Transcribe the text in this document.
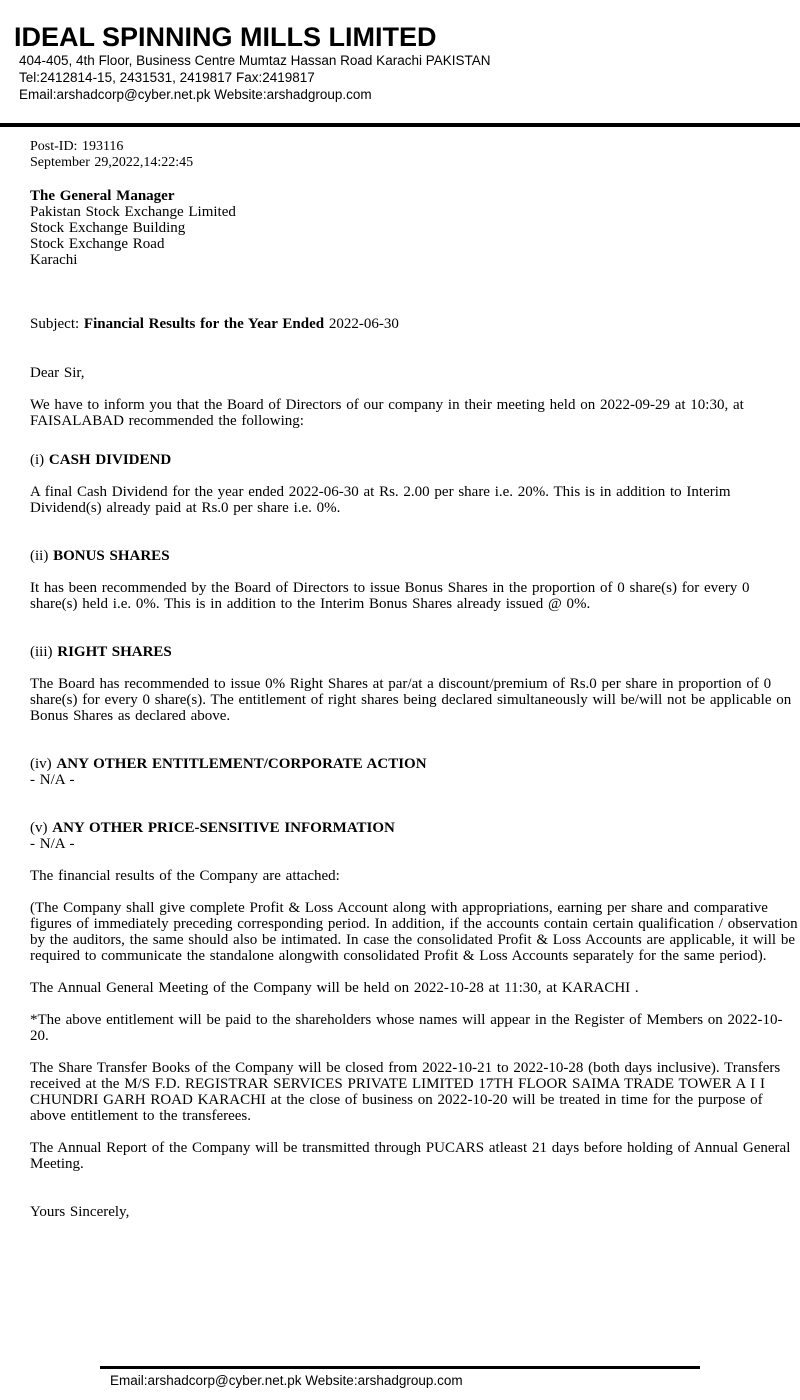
IDEAL SPINNING MILLS LIMITED
404-405, 4th Floor, Business Centre Mumtaz Hassan Road Karachi PAKISTAN
Tel:2412814-15, 2431531, 2419817 Fax:2419817
Email:arshadcorp@cyber.net.pk Website:arshadgroup.com
Post-ID: 193116
September 29,2022,14:22:45
The General Manager
Pakistan Stock Exchange Limited
Stock Exchange Building
Stock Exchange Road
Karachi
Subject: Financial Results for the Year Ended 2022-06-30

Dear Sir,

We have to inform you that the Board of Directors of our company in their meeting held on 2022-09-29 at 10:30, at FAISALABAD recommended the following:

(i) CASH DIVIDEND

A final Cash Dividend for the year ended 2022-06-30 at Rs. 2.00 per share i.e. 20%. This is in addition to Interim Dividend(s) already paid at Rs.0 per share i.e. 0%.

(ii) BONUS SHARES

It has been recommended by the Board of Directors to issue Bonus Shares in the proportion of 0 share(s) for every 0 share(s) held i.e. 0%. This is in addition to the Interim Bonus Shares already issued @ 0%.

(iii) RIGHT SHARES

The Board has recommended to issue 0% Right Shares at par/at a discount/premium of Rs.0 per share in proportion of 0 share(s) for every 0 share(s). The entitlement of right shares being declared simultaneously will be/will not be applicable on Bonus Shares as declared above.

(iv) ANY OTHER ENTITLEMENT/CORPORATE ACTION

- N/A -

(v) ANY OTHER PRICE-SENSITIVE INFORMATION

- N/A -

The financial results of the Company are attached:

(The Company shall give complete Profit & Loss Account along with appropriations, earning per share and comparative figures of immediately preceding corresponding period. In addition, if the accounts contain certain qualification / observation by the auditors, the same should also be intimated. In case the consolidated Profit & Loss Accounts are applicable, it will be required to communicate the standalone alongwith consolidated Profit & Loss Accounts separately for the same period).

The Annual General Meeting of the Company will be held on 2022-10-28 at 11:30, at KARACHI .

*The above entitlement will be paid to the shareholders whose names will appear in the Register of Members on 2022-10-20.

The Share Transfer Books of the Company will be closed from 2022-10-21 to 2022-10-28 (both days inclusive). Transfers received at the M/S F.D. REGISTRAR SERVICES PRIVATE LIMITED 17TH FLOOR SAIMA TRADE TOWER A I I CHUNDRI GARH ROAD KARACHI at the close of business on 2022-10-20 will be treated in time for the purpose of above entitlement to the transferees.

The Annual Report of the Company will be transmitted through PUCARS atleast 21 days before holding of Annual General Meeting.

Yours Sincerely,

Email:arshadcorp@cyber.net.pk Website:arshadgroup.com
